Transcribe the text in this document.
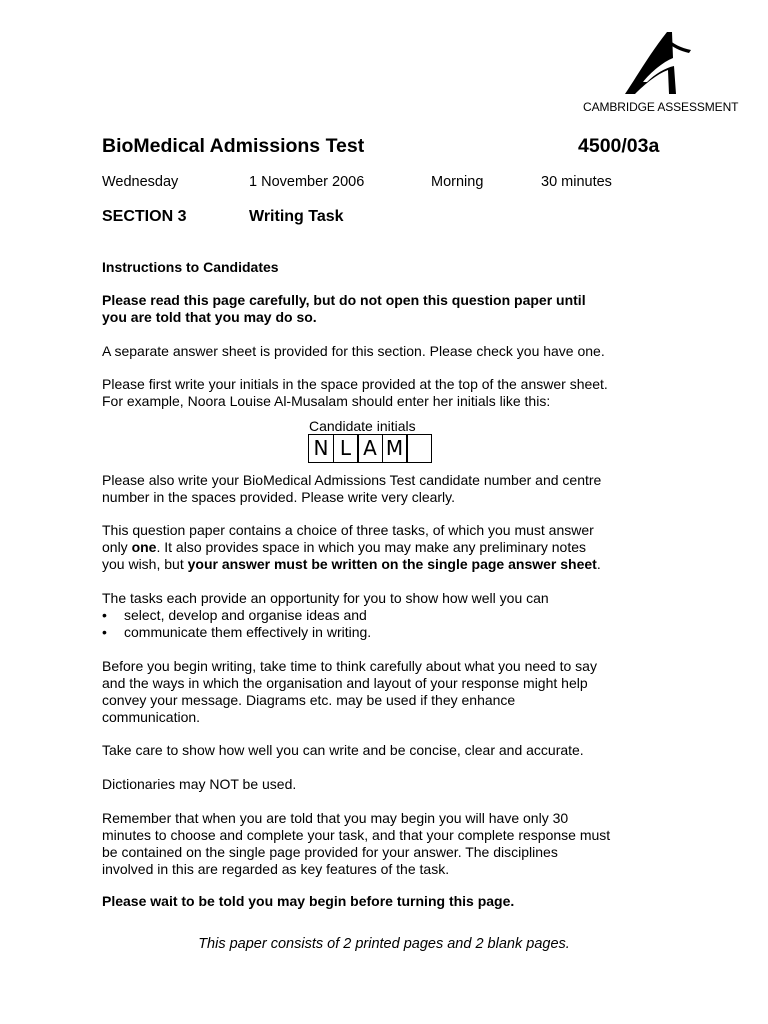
CAMBRIDGE ASSESSMENT
BioMedical Admissions Test	4500/03a
Wednesday	1 November 2006	Morning	30 minutes
SECTION 3	Writing Task
Instructions to Candidates

Please read this page carefully, but do not open this question paper until

you are told that you may do so.

A separate answer sheet is provided for this section. Please check you have one.

Please first write your initials in the space provided at the top of the answer sheet.

For example, Noora Louise Al-Musalam should enter her initials like this:

Candidate initials
N L A M

Please also write your BioMedical Admissions Test candidate number and centre

number in the spaces provided. Please write very clearly.

This question paper contains a choice of three tasks, of which you must answer

only one. It also provides space in which you may make any preliminary notes

you wish, but your answer must be written on the single page answer sheet.

The tasks each provide an opportunity for you to show how well you can

• select, develop and organise ideas and
• communicate them effectively in writing.

Before you begin writing, take time to think carefully about what you need to say

and the ways in which the organisation and layout of your response might help

convey your message. Diagrams etc. may be used if they enhance

communication.

Take care to show how well you can write and be concise, clear and accurate.
Dictionaries may NOT be used.

Remember that when you are told that you may begin you will have only 30

minutes to choose and complete your task, and that your complete response must

be contained on the single page provided for your answer. The disciplines

involved in this are regarded as key features of the task.

Please wait to be told you may begin before turning this page.
This paper consists of 2 printed pages and 2 blank pages.
